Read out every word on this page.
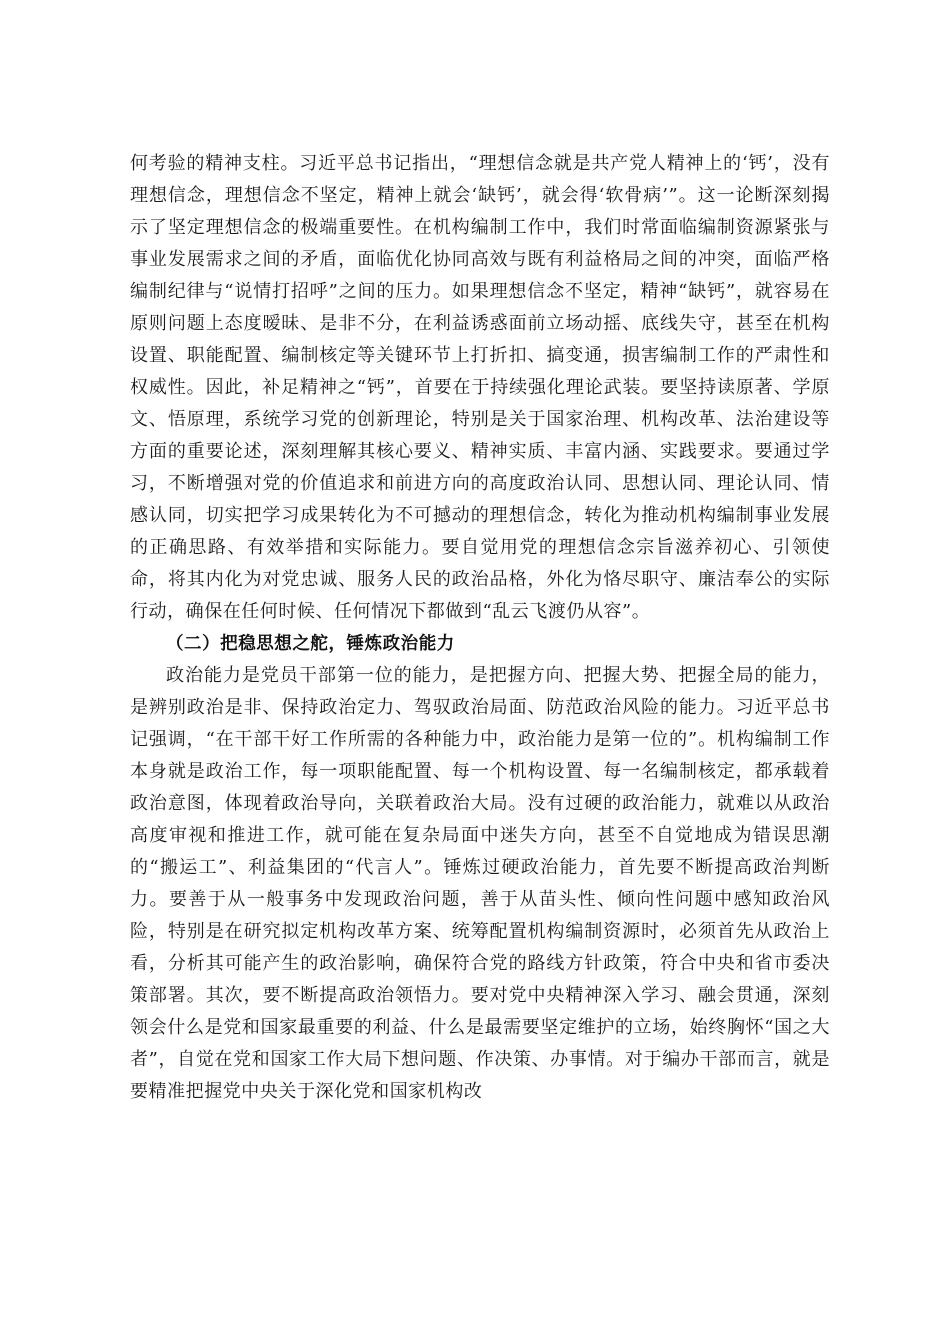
何考验的精神支柱。习近平总书记指出，“理想信念就是共产党人精神上的‘钙’，没有理想信念，理想信念不坚定，精神上就会‘缺钙’，就会得‘软骨病’”。这一论断深刻揭示了坚定理想信念的极端重要性。在机构编制工作中，我们时常面临编制资源紧张与事业发展需求之间的矛盾，面临优化协同高效与既有利益格局之间的冲突，面临严格编制纪律与“说情打招呼”之间的压力。如果理想信念不坚定，精神“缺钙”，就容易在原则问题上态度暧昧、是非不分，在利益诱惑面前立场动摇、底线失守，甚至在机构设置、职能配置、编制核定等关键环节上打折扣、搞变通，损害编制工作的严肃性和权威性。因此，补足精神之“钙”，首要在于持续强化理论武装。要坚持读原著、学原文、悟原理，系统学习党的创新理论，特别是关于国家治理、机构改革、法治建设等方面的重要论述，深刻理解其核心要义、精神实质、丰富内涵、实践要求。要通过学习，不断增强对党的价值追求和前进方向的高度政治认同、思想认同、理论认同、情感认同，切实把学习成果转化为不可撼动的理想信念，转化为推动机构编制事业发展的正确思路、有效举措和实际能力。要自觉用党的理想信念宗旨滋养初心、引领使命，将其内化为对党忠诚、服务人民的政治品格，外化为恪尽职守、廉洁奉公的实际行动，确保在任何时候、任何情况下都做到“乱云飞渡仍从容”。

（二）把稳思想之舵，锤炼政治能力

政治能力是党员干部第一位的能力，是把握方向、把握大势、把握全局的能力，是辨别政治是非、保持政治定力、驾驭政治局面、防范政治风险的能力。习近平总书记强调，“在干部干好工作所需的各种能力中，政治能力是第一位的”。机构编制工作本身就是政治工作，每一项职能配置、每一个机构设置、每一名编制核定，都承载着政治意图，体现着政治导向，关联着政治大局。没有过硬的政治能力，就难以从政治高度审视和推进工作，就可能在复杂局面中迷失方向，甚至不自觉地成为错误思潮的“搬运工”、利益集团的“代言人”。锤炼过硬政治能力，首先要不断提高政治判断力。要善于从一般事务中发现政治问题，善于从苗头性、倾向性问题中感知政治风险，特别是在研究拟定机构改革方案、统筹配置机构编制资源时，必须首先从政治上看，分析其可能产生的政治影响，确保符合党的路线方针政策，符合中央和省市委决策部署。其次，要不断提高政治领悟力。要对党中央精神深入学习、融会贯通，深刻领会什么是党和国家最重要的利益、什么是最需要坚定维护的立场，始终胸怀“国之大者”，自觉在党和国家工作大局下想问题、作决策、办事情。对于编办干部而言，就是要精准把握党中央关于深化党和国家机构改
